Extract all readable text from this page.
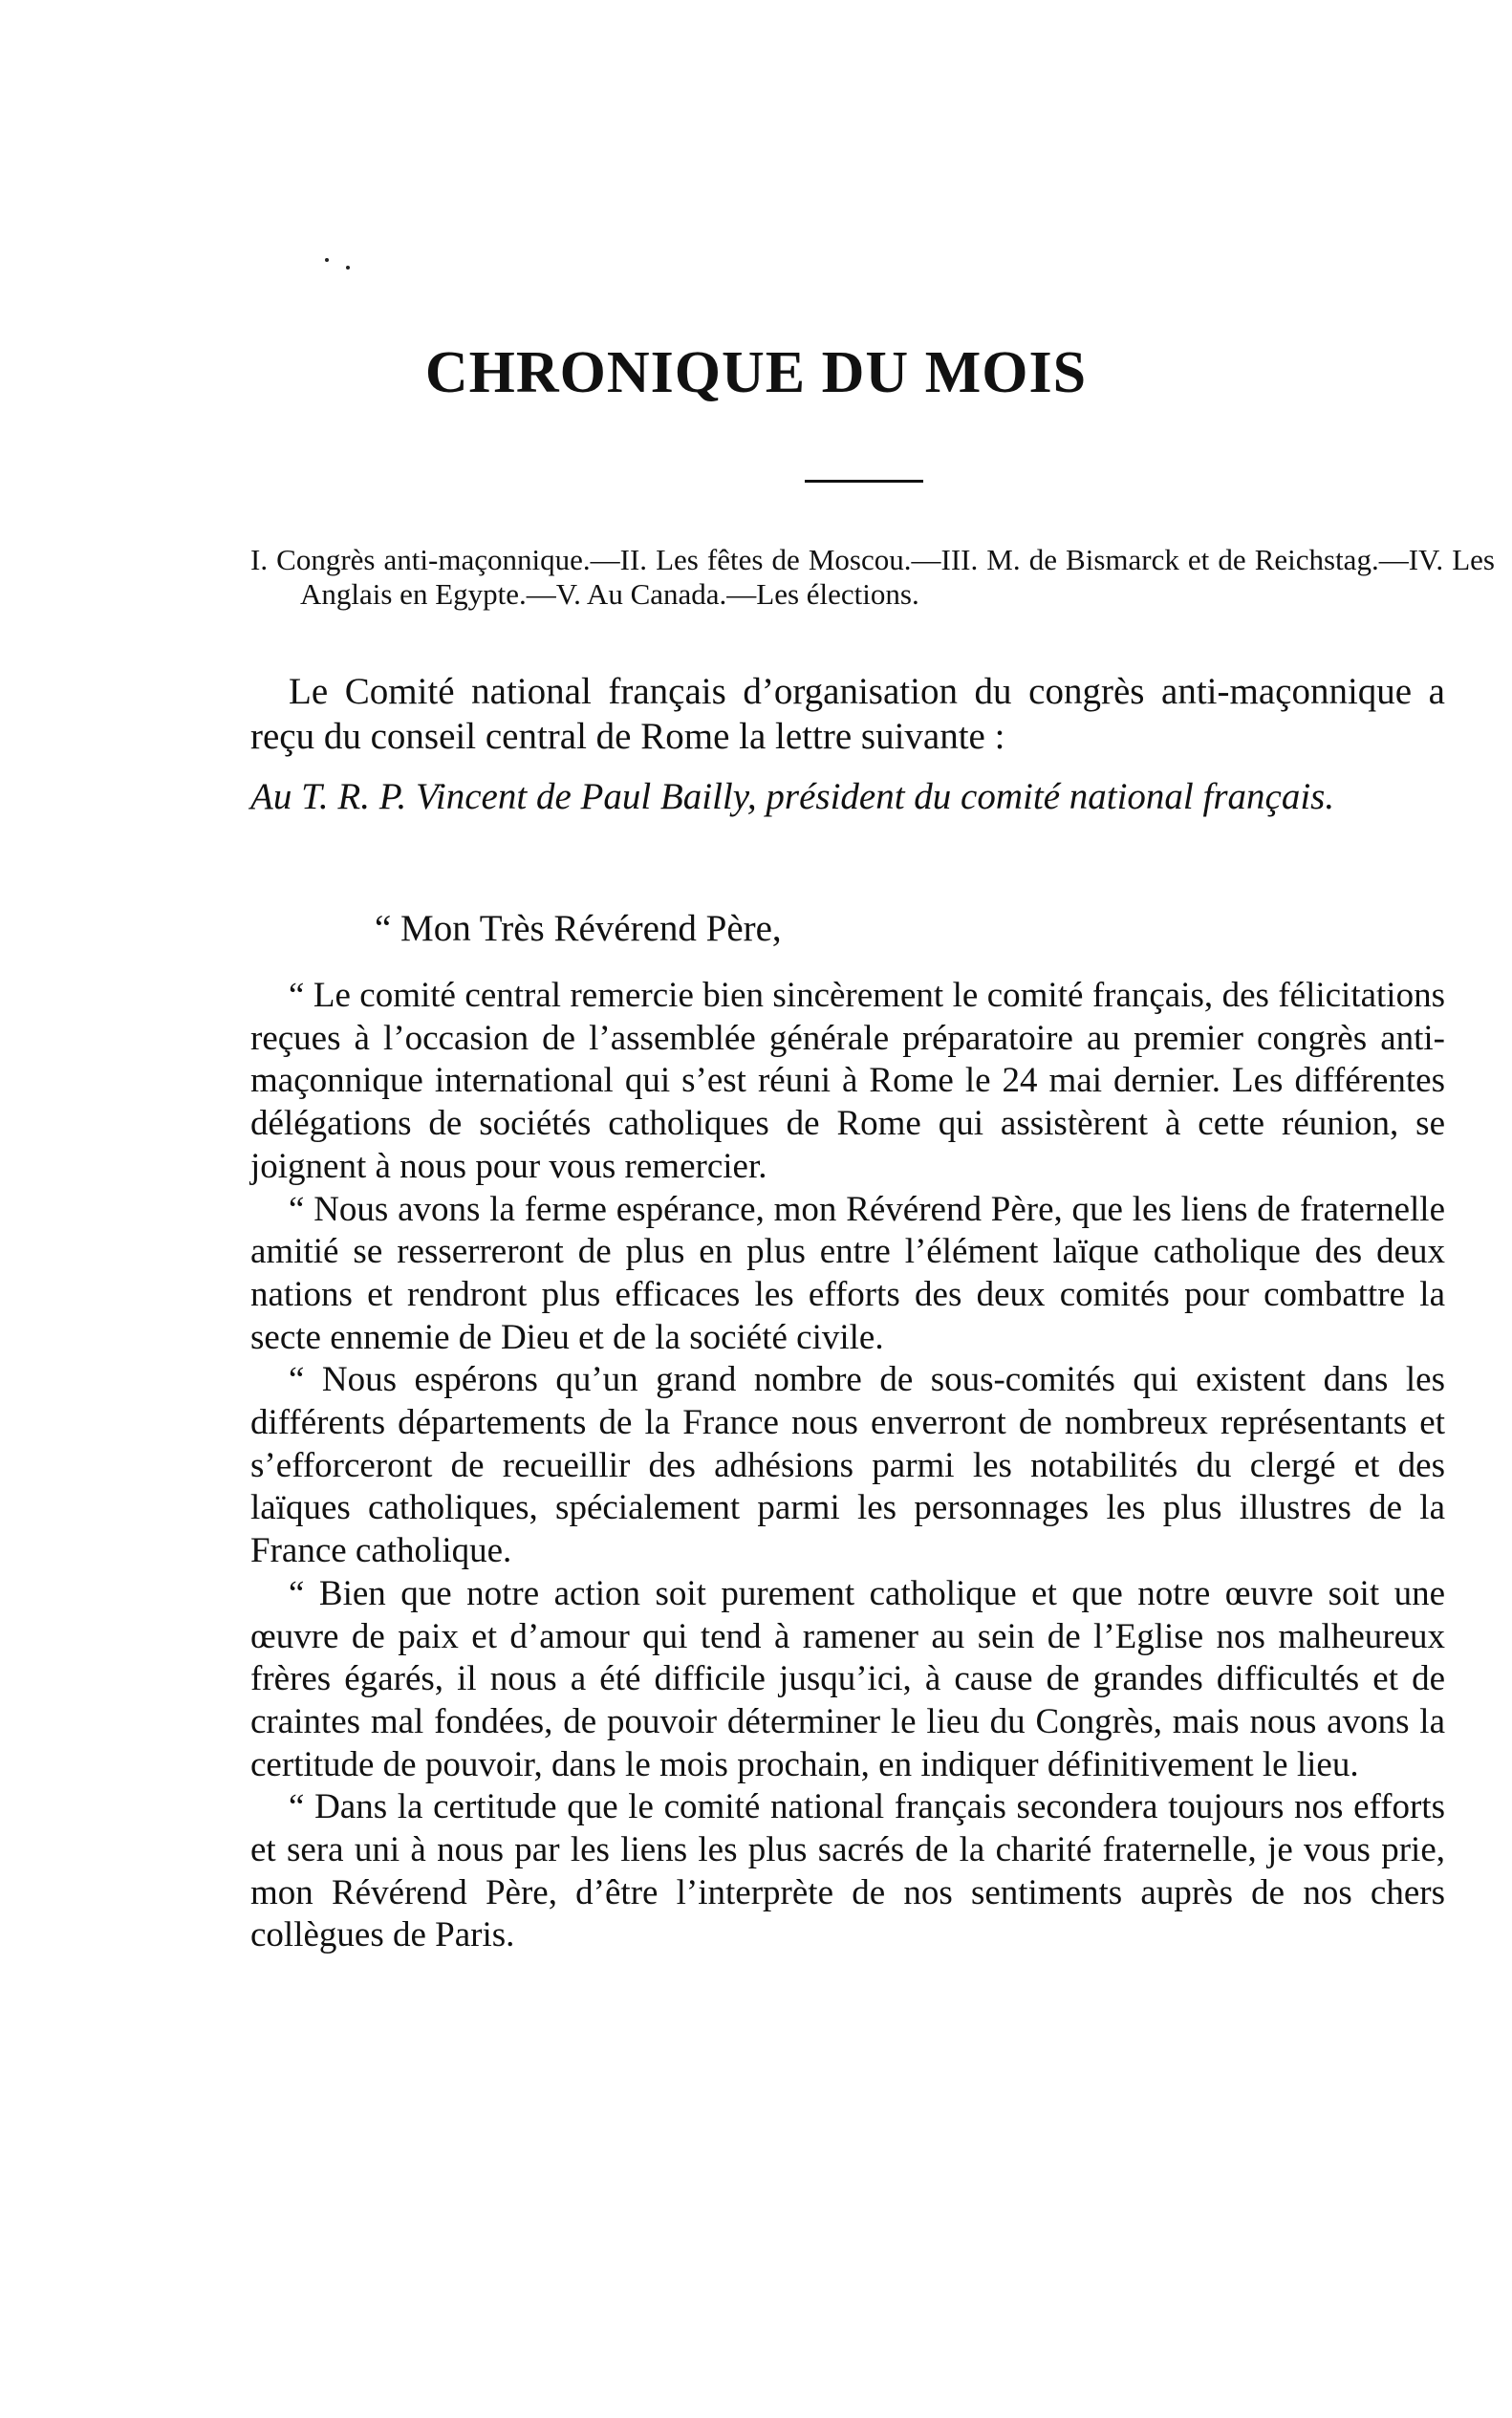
CHRONIQUE DU MOIS
I. Congrès anti-maçonnique.—II. Les fêtes de Moscou.—III. M. de Bismarck et de Reichstag.—IV. Les Anglais en Egypte.—V. Au Canada.—Les élections.
Le Comité national français d’organisation du congrès anti-maçonnique a reçu du conseil central de Rome la lettre suivante :
Au T. R. P. Vincent de Paul Bailly, président du comité national français.
“ Mon Très Révérend Père,

“ Le comité central remercie bien sincèrement le comité français, des félicitations reçues à l’occasion de l’assemblée générale préparatoire au premier congrès anti-maçonnique international qui s’est réuni à Rome le 24 mai dernier. Les différentes délégations de sociétés catholiques de Rome qui assistèrent à cette réunion, se joignent à nous pour vous remercier.

“ Nous avons la ferme espérance, mon Révérend Père, que les liens de fraternelle amitié se resserreront de plus en plus entre l’élément laïque catholique des deux nations et rendront plus efficaces les efforts des deux comités pour combattre la secte ennemie de Dieu et de la société civile.

“ Nous espérons qu’un grand nombre de sous-comités qui existent dans les différents départements de la France nous enverront de nombreux représentants et s’efforceront de recueillir des adhésions parmi les notabilités du clergé et des laïques catholiques, spécialement parmi les personnages les plus illustres de la France catholique.

“ Bien que notre action soit purement catholique et que notre œuvre soit une œuvre de paix et d’amour qui tend à ramener au sein de l’Eglise nos malheureux frères égarés, il nous a été difficile jusqu’ici, à cause de grandes difficultés et de craintes mal fondées, de pouvoir déterminer le lieu du Congrès, mais nous avons la certitude de pouvoir, dans le mois prochain, en indiquer définitivement le lieu.

“ Dans la certitude que le comité national français secondera toujours nos efforts et sera uni à nous par les liens les plus sacrés de la charité fraternelle, je vous prie, mon Révérend Père, d’être l’interprète de nos sentiments auprès de nos chers collègues de Paris.
